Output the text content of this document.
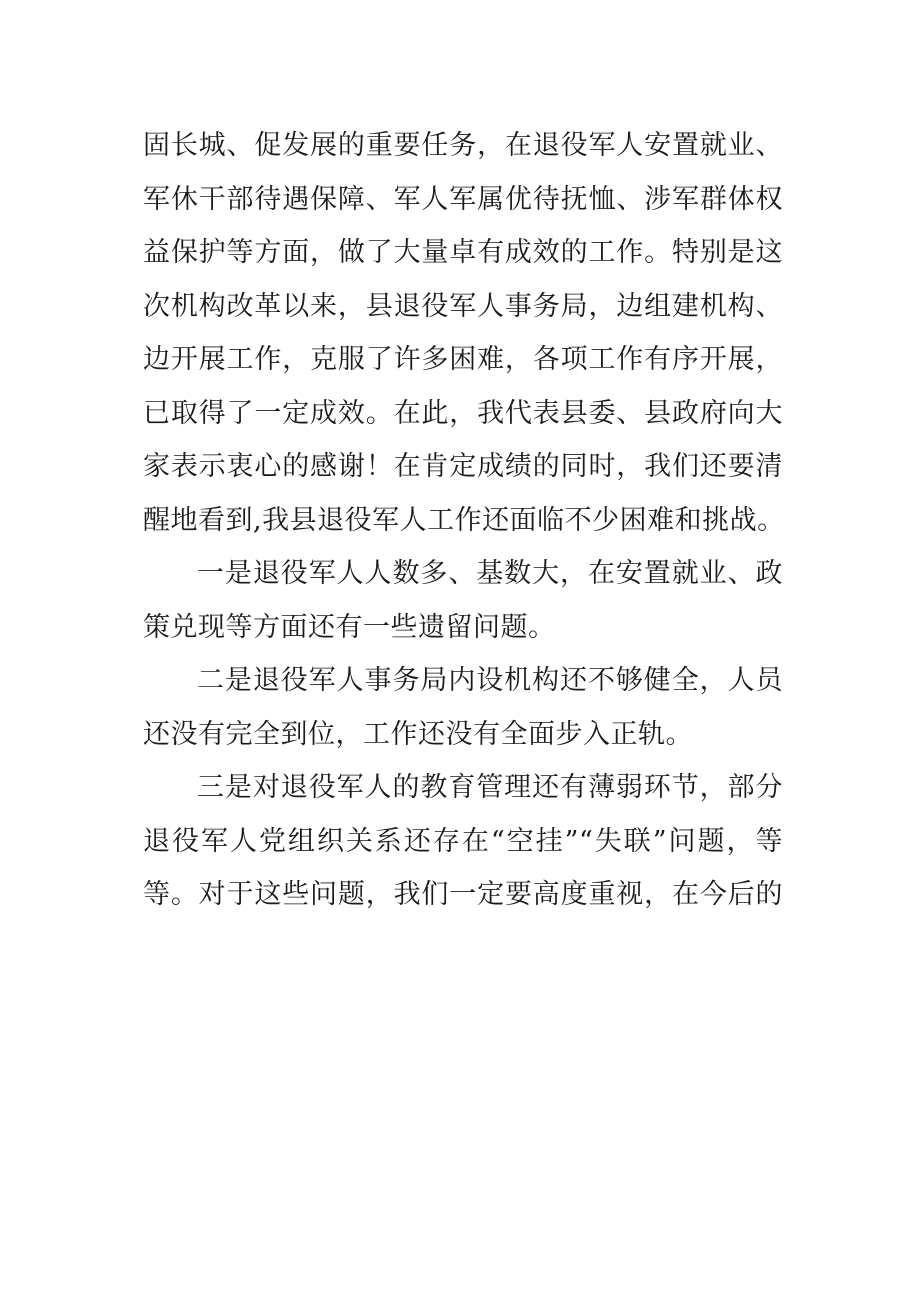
固长城、促发展的重要任务，在退役军人安置就业、
军休干部待遇保障、军人军属优待抚恤、涉军群体权
益保护等方面，做了大量卓有成效的工作。特别是这
次机构改革以来，县退役军人事务局，边组建机构、
边开展工作，克服了许多困难，各项工作有序开展，
已取得了一定成效。在此，我代表县委、县政府向大
家表示衷心的感谢！在肯定成绩的同时，我们还要清
醒地看到,我县退役军人工作还面临不少困难和挑战。
一是退役军人人数多、基数大，在安置就业、政
策兑现等方面还有一些遗留问题。
二是退役军人事务局内设机构还不够健全，人员
还没有完全到位，工作还没有全面步入正轨。
三是对退役军人的教育管理还有薄弱环节，部分
退役军人党组织关系还存在“空挂”“失联”问题，等
等。对于这些问题，我们一定要高度重视，在今后的
